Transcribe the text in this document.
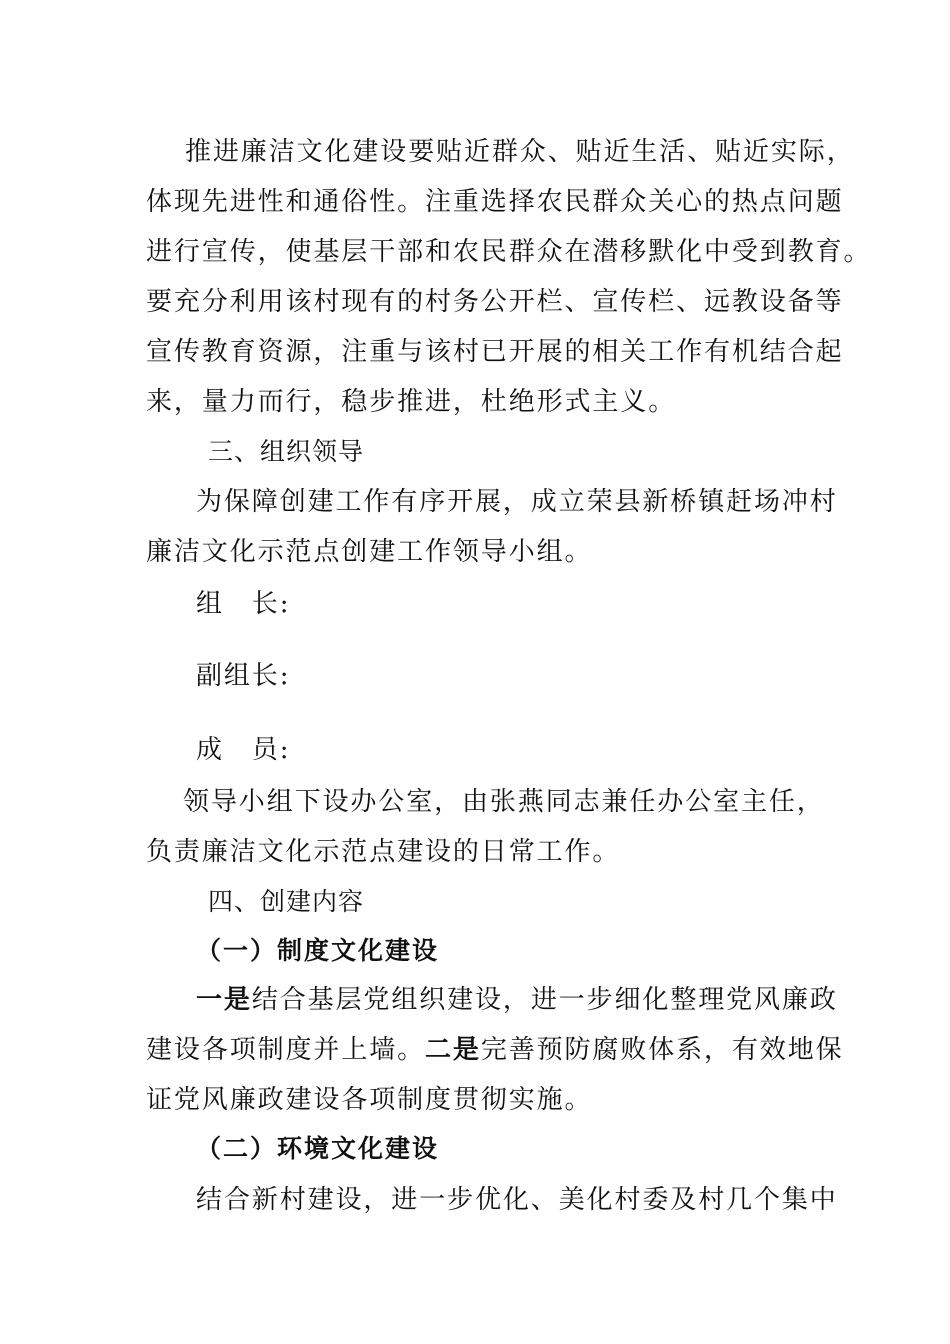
推进廉洁文化建设要贴近群众、贴近生活、贴近实际，
体现先进性和通俗性。注重选择农民群众关心的热点问题
进行宣传，使基层干部和农民群众在潜移默化中受到教育。
要充分利用该村现有的村务公开栏、宣传栏、远教设备等
宣传教育资源，注重与该村已开展的相关工作有机结合起
来，量力而行，稳步推进，杜绝形式主义。
三、组织领导
为保障创建工作有序开展，成立荣县新桥镇赶场冲村
廉洁文化示范点创建工作领导小组。
组　长:
副组长:
成　员:
领导小组下设办公室，由张燕同志兼任办公室主任，
负责廉洁文化示范点建设的日常工作。
四、创建内容
（一）制度文化建设
一是结合基层党组织建设，进一步细化整理党风廉政
建设各项制度并上墙。二是完善预防腐败体系，有效地保
证党风廉政建设各项制度贯彻实施。
（二）环境文化建设
结合新村建设，进一步优化、美化村委及村几个集中
